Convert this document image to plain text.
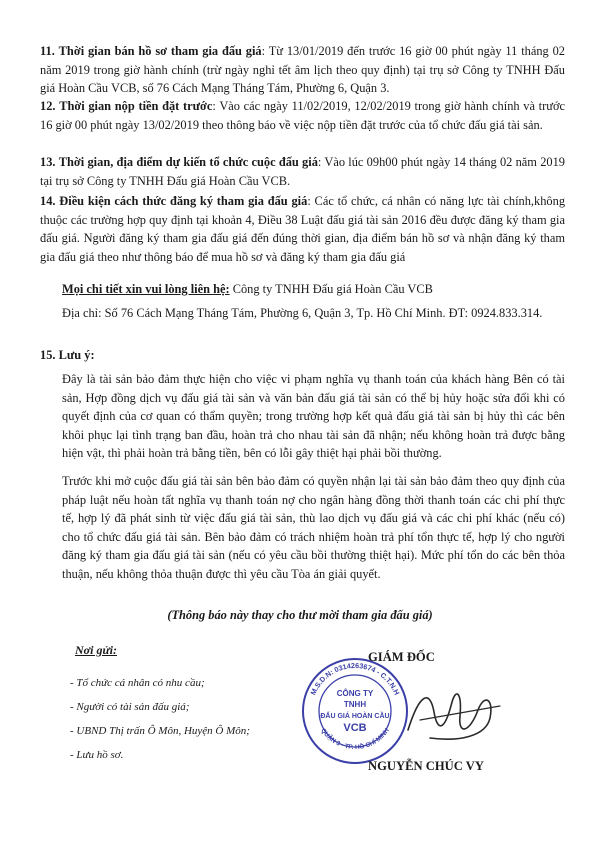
11. Thời gian bán hồ sơ tham gia đấu giá: Từ 13/01/2019 đến trước 16 giờ 00 phút ngày 11 tháng 02 năm 2019 trong giờ hành chính (trừ ngày nghỉ tết âm lịch theo quy định) tại trụ sở Công ty TNHH Đấu giá Hoàn Cầu VCB, số 76 Cách Mạng Tháng Tám, Phường 6, Quận 3.
12. Thời gian nộp tiền đặt trước: Vào các ngày 11/02/2019, 12/02/2019 trong giờ hành chính và trước 16 giờ 00 phút ngày 13/02/2019 theo thông báo về việc nộp tiền đặt trước của tổ chức đấu giá tài sản.
13. Thời gian, địa điểm dự kiến tổ chức cuộc đấu giá: Vào lúc 09h00 phút ngày 14 tháng 02 năm 2019 tại trụ sở Công ty TNHH Đấu giá Hoàn Cầu VCB.
14. Điều kiện cách thức đăng ký tham gia đấu giá: Các tổ chức, cá nhân có năng lực tài chính,không thuộc các trường hợp quy định tại khoản 4, Điều 38 Luật đấu giá tài sản 2016 đều được đăng ký tham gia đấu giá. Người đăng ký tham gia đấu giá đến đúng thời gian, địa điểm bán hồ sơ và nhận đăng ký tham gia đấu giá theo như thông báo để mua hồ sơ và đăng ký tham gia đấu giá
Mọi chi tiết xin vui lòng liên hệ: Công ty TNHH Đấu giá Hoàn Cầu VCB
Địa chỉ: Số 76 Cách Mạng Tháng Tám, Phường 6, Quận 3, Tp. Hồ Chí Minh. ĐT: 0924.833.314.
15. Lưu ý:
Đây là tài sản bảo đảm thực hiện cho việc vi phạm nghĩa vụ thanh toán của khách hàng Bên có tài sản, Hợp đồng dịch vụ đấu giá tài sản và văn bản đấu giá tài sản có thể bị hủy hoặc sửa đổi khi có quyết định của cơ quan có thẩm quyền; trong trường hợp kết quả đấu giá tài sản bị hủy thì các bên khôi phục lại tình trạng ban đầu, hoàn trả cho nhau tài sản đã nhận; nếu không hoàn trả được bằng hiện vật, thì phải hoàn trả bằng tiền, bên có lỗi gây thiệt hại phải bồi thường.
Trước khi mở cuộc đấu giá tài sản bên bảo đảm có quyền nhận lại tài sản bảo đảm theo quy định của pháp luật nếu hoàn tất nghĩa vụ thanh toán nợ cho ngân hàng đồng thời thanh toán các chi phí thực tế, hợp lý đã phát sinh từ việc đấu giá tài sản, thù lao dịch vụ đấu giá và các chi phí khác (nếu có) cho tổ chức đấu giá tài sản. Bên bảo đảm có trách nhiệm hoàn trả phí tổn thực tế, hợp lý cho người đăng ký tham gia đấu giá tài sản (nếu có yêu cầu bồi thường thiệt hại). Mức phí tổn do các bên thỏa thuận, nếu không thỏa thuận được thì yêu cầu Tòa án giải quyết.
(Thông báo này thay cho thư mời tham gia đấu giá)
Nơi gửi:
- Tổ chức cá nhân có nhu cầu;
- Người có tài sản đấu giá;
- UBND Thị trấn Ô Môn, Huyện Ô Môn;
- Lưu hồ sơ.
GIÁM ĐỐC
M.S.D.N: 0314263674 - C.T.N.H
QUẬN 3 - TP. HỒ CHÍ MINH
CÔNG TY
TNHH
ĐẤU GIÁ HOÀN CẦU
VCB
NGUYỄN CHÚC VY
